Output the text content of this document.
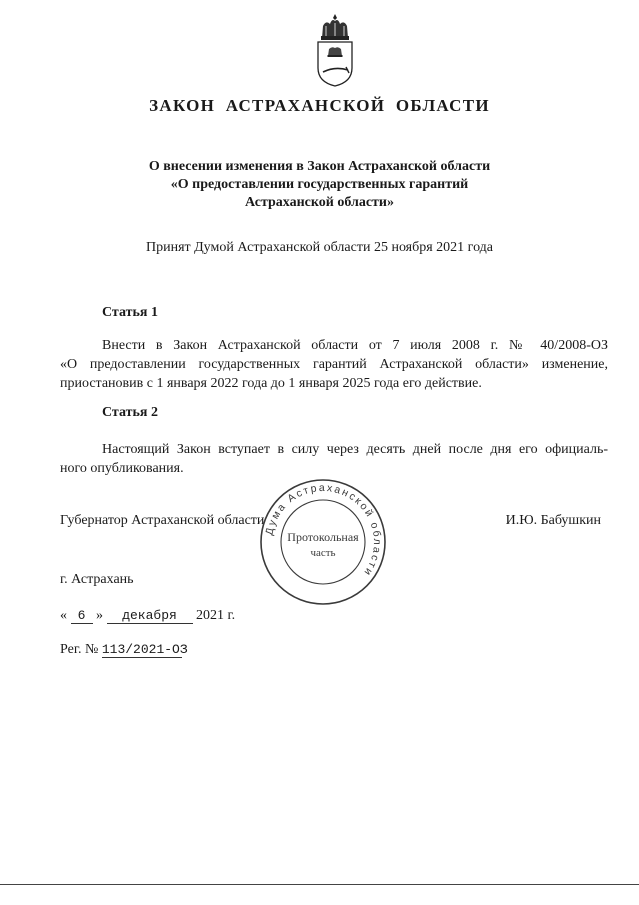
ЗАКОН АСТРАХАНСКОЙ ОБЛАСТИ
О внесении изменения в Закон Астраханской области
«О предоставлении государственных гарантий
Астраханской области»
Принят Думой Астраханской области 25 ноября 2021 года
Статья 1
Внести в Закон Астраханской области от 7 июля 2008 г. № 40/2008-ОЗ
«О предоставлении государственных гарантий Астраханской области» изменение,
приостановив с 1 января 2022 года до 1 января 2025 года его действие.
Статья 2
Настоящий Закон вступает в силу через десять дней после дня его официаль-
ного опубликования.
Губернатор Астраханской области	И.Ю. Бабушкин
Дума Астраханской области
Протокольная
часть
г. Астрахань
« 6 » декабря 2021 г.
Рег. № 113/2021-ОЗ
